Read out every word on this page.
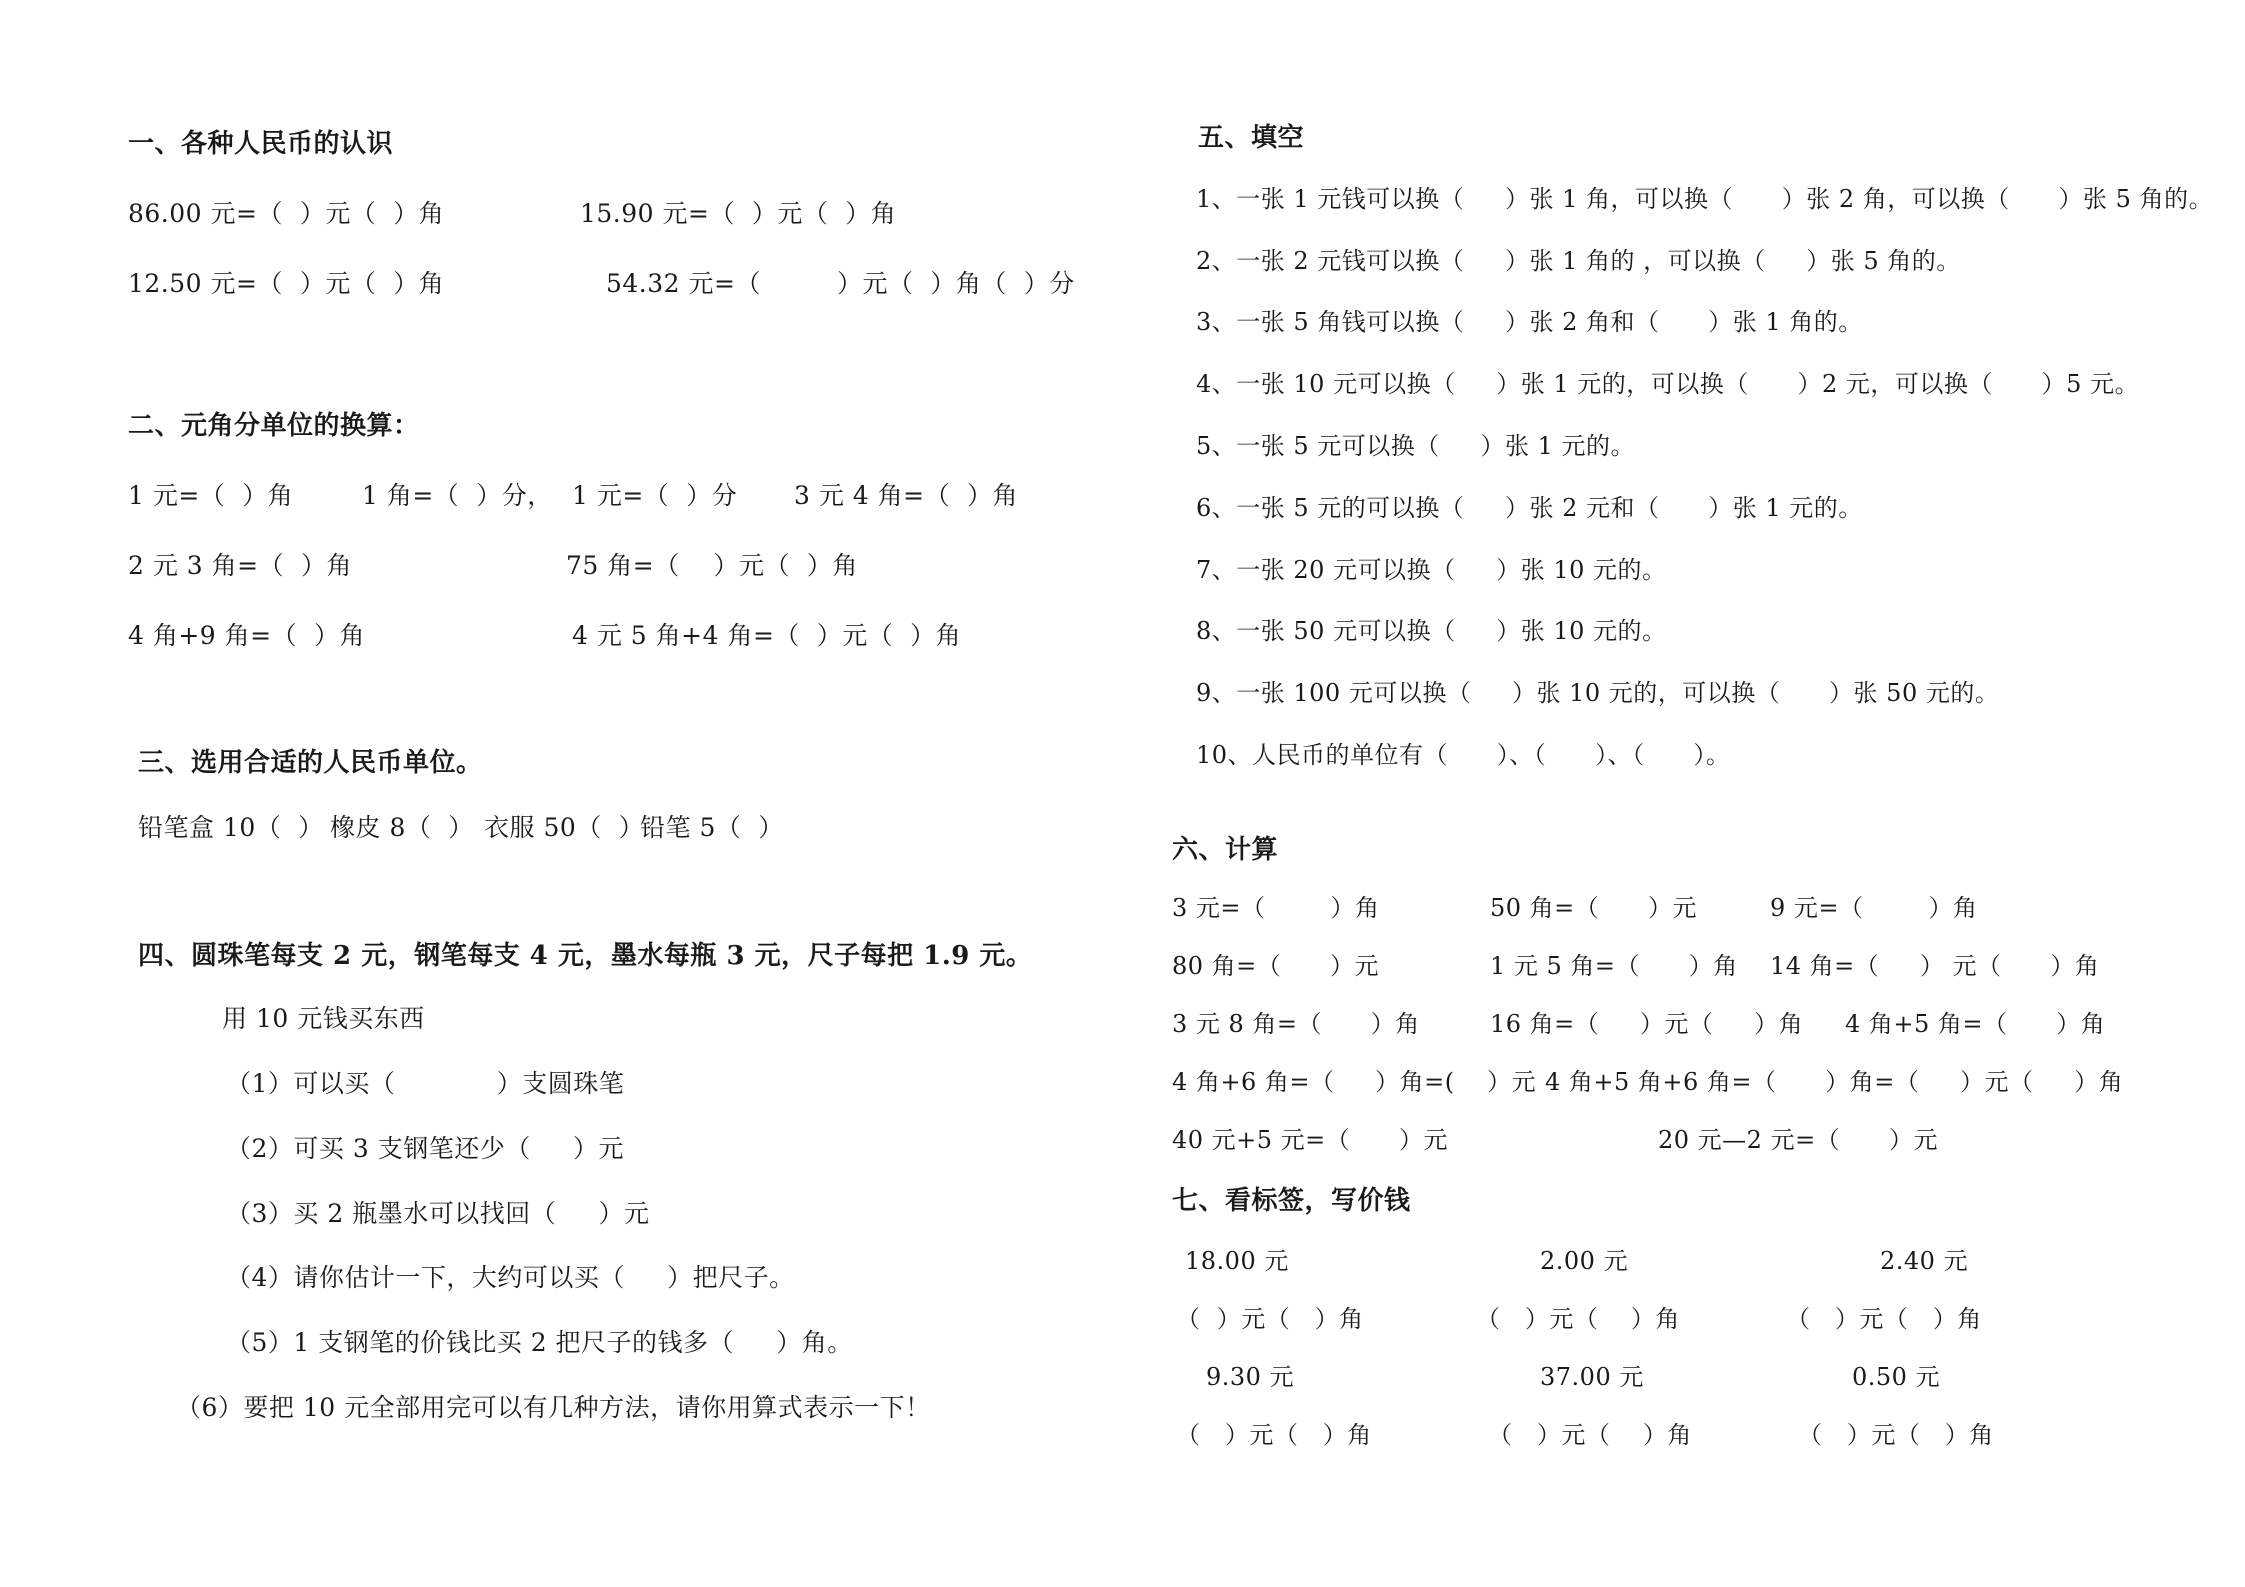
一、各种人民币的认识
86.00 元=（  ）元（  ）角	15.90 元=（  ）元（  ）角
12.50 元=（  ）元（  ）角	54.32 元=（         ）元（  ）角（  ）分
二、元角分单位的换算：
1 元=（  ）角	1 角=（  ）分， 1 元=（  ）分 3 元 4 角=（  ）角
2 元 3 角=（  ）角	75 角=（    ）元（  ）角
4 角+9 角=（  ）角	4 元 5 角+4 角=（  ）元（  ）角
三、选用合适的人民币单位。
铅笔盒 10（  ） 橡皮 8（  ） 衣服 50（  ）
铅笔 5（  ）
四、圆珠笔每支 2 元，钢笔每支 4 元，墨水每瓶 3 元，尺子每把 1.9 元。
用 10 元钱买东西
（1）可以买（            ）支圆珠笔
（2）可买 3 支钢笔还少（     ）元
（3）买 2 瓶墨水可以找回（     ）元
（4）请你估计一下，大约可以买（     ）把尺子。
（5）1 支钢笔的价钱比买 2 把尺子的钱多（     ）角。
（6）要把 10 元全部用完可以有几种方法，请你用算式表示一下！
五、填空
1、一张 1 元钱可以换（     ）张 1 角，可以换（      ）张 2 角，可以换（      ）张 5 角的。
2、一张 2 元钱可以换（     ）张 1 角的 ，可以换（     ）张 5 角的。
3、一张 5 角钱可以换（     ）张 2 角和（      ）张 1 角的。
4、一张 10 元可以换（     ）张 1 元的，可以换（      ）2 元，可以换（      ）5 元。
5、一张 5 元可以换（     ）张 1 元的。
6、一张 5 元的可以换（     ）张 2 元和（      ）张 1 元的。
7、一张 20 元可以换（     ）张 10 元的。
8、一张 50 元可以换（     ）张 10 元的。
9、一张 100 元可以换（     ）张 10 元的，可以换（      ）张 50 元的。
10、人民币的单位有（      ）、（      ）、（      ）。
六、计算
3 元=（        ）角	50 角=（      ）元	9 元=（        ）角
80 角=（      ）元	1 元 5 角=（      ）角 14 角=（     ） 元（      ）角
3 元 8 角=（      ）角	16 角=（     ）元（     ）角 4 角+5 角=（      ）角
4 角+6 角=（     ）角=(    ）元 4 角+5 角+6 角=（      ）角=（     ）元（     ）角
40 元+5 元=（      ）元	20 元—2 元=（      ）元
七、看标签，写价钱
18.00 元	2.00 元	2.40 元
（  ）元（   ）角	（   ）元（    ）角	（   ）元（   ）角
9.30 元	37.00 元	0.50 元
（   ）元（   ）角	（   ）元（    ）角	（   ）元（   ）角
